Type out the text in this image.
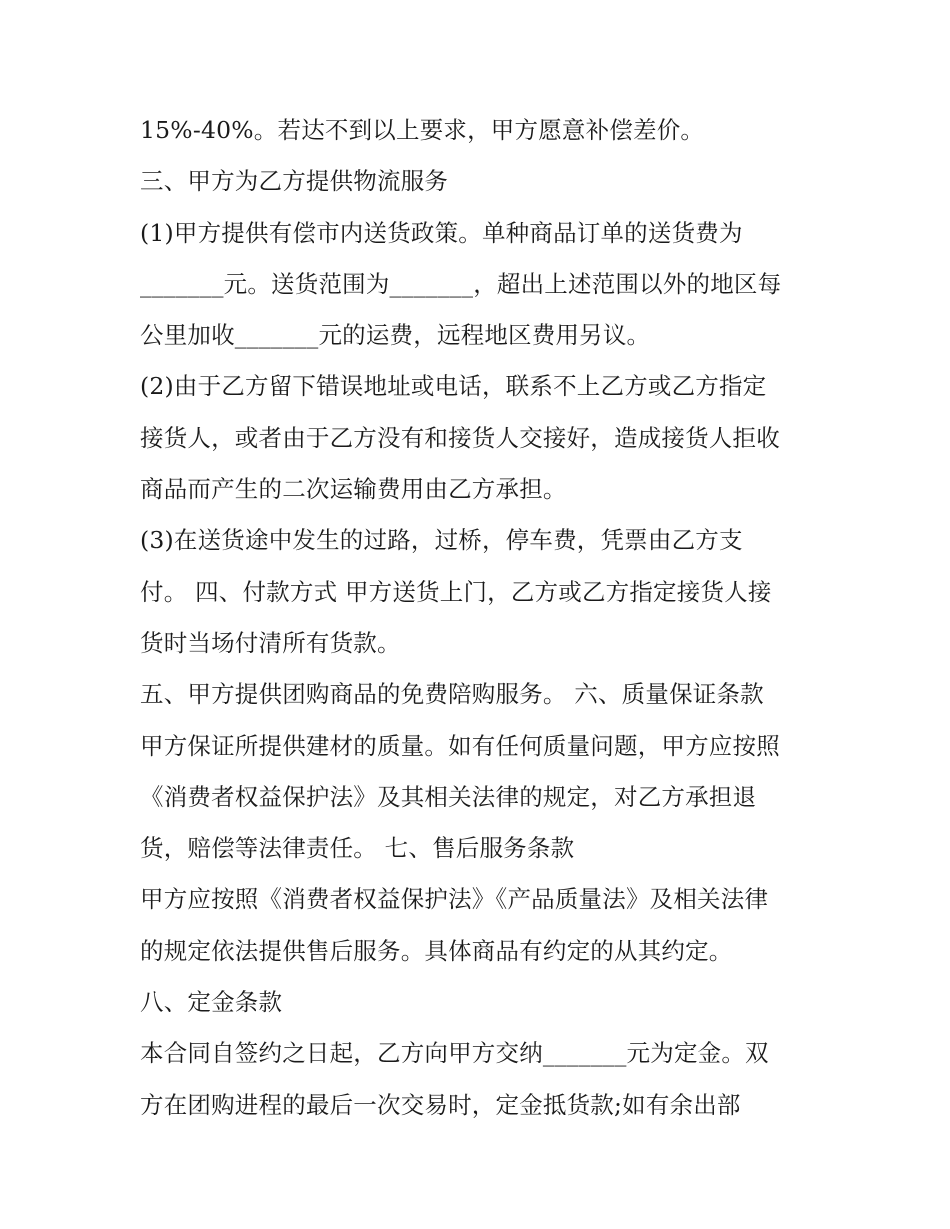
15%-40%。若达不到以上要求，甲方愿意补偿差价。
三、甲方为乙方提供物流服务
(1)甲方提供有偿市内送货政策。单种商品订单的送货费为
_______元。送货范围为_______，超出上述范围以外的地区每
公里加收_______元的运费，远程地区费用另议。
(2)由于乙方留下错误地址或电话，联系不上乙方或乙方指定
接货人，或者由于乙方没有和接货人交接好，造成接货人拒收
商品而产生的二次运输费用由乙方承担。
(3)在送货途中发生的过路，过桥，停车费，凭票由乙方支
付。 四、付款方式 甲方送货上门，乙方或乙方指定接货人接
货时当场付清所有货款。
五、甲方提供团购商品的免费陪购服务。 六、质量保证条款
甲方保证所提供建材的质量。如有任何质量问题，甲方应按照
《消费者权益保护法》及其相关法律的规定，对乙方承担退
货，赔偿等法律责任。 七、售后服务条款
甲方应按照《消费者权益保护法》《产品质量法》及相关法律
的规定依法提供售后服务。具体商品有约定的从其约定。
八、定金条款
本合同自签约之日起，乙方向甲方交纳_______元为定金。双
方在团购进程的最后一次交易时，定金抵货款;如有余出部
